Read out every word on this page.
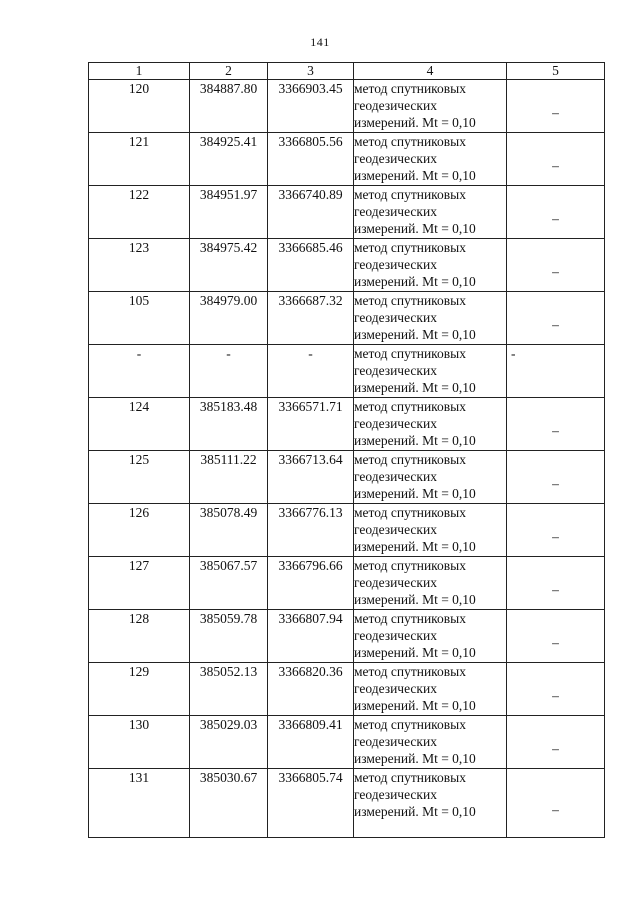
141
1	2	3	4	5
120	384887.80	3366903.45	метод спутниковых
геодезических
измерений. Mt = 0,10	–
121	384925.41	3366805.56	метод спутниковых
геодезических
измерений. Mt = 0,10	–
122	384951.97	3366740.89	метод спутниковых
геодезических
измерений. Mt = 0,10	–
123	384975.42	3366685.46	метод спутниковых
геодезических
измерений. Mt = 0,10	–
105	384979.00	3366687.32	метод спутниковых
геодезических
измерений. Mt = 0,10	–
-	-	-	метод спутниковых
геодезических
измерений. Mt = 0,10	-
124	385183.48	3366571.71	метод спутниковых
геодезических
измерений. Mt = 0,10	–
125	385111.22	3366713.64	метод спутниковых
геодезических
измерений. Mt = 0,10	–
126	385078.49	3366776.13	метод спутниковых
геодезических
измерений. Mt = 0,10	–
127	385067.57	3366796.66	метод спутниковых
геодезических
измерений. Mt = 0,10	–
128	385059.78	3366807.94	метод спутниковых
геодезических
измерений. Mt = 0,10	–
129	385052.13	3366820.36	метод спутниковых
геодезических
измерений. Mt = 0,10	–
130	385029.03	3366809.41	метод спутниковых
геодезических
измерений. Mt = 0,10	–
131	385030.67	3366805.74	метод спутниковых
геодезических
измерений. Mt = 0,10	–
